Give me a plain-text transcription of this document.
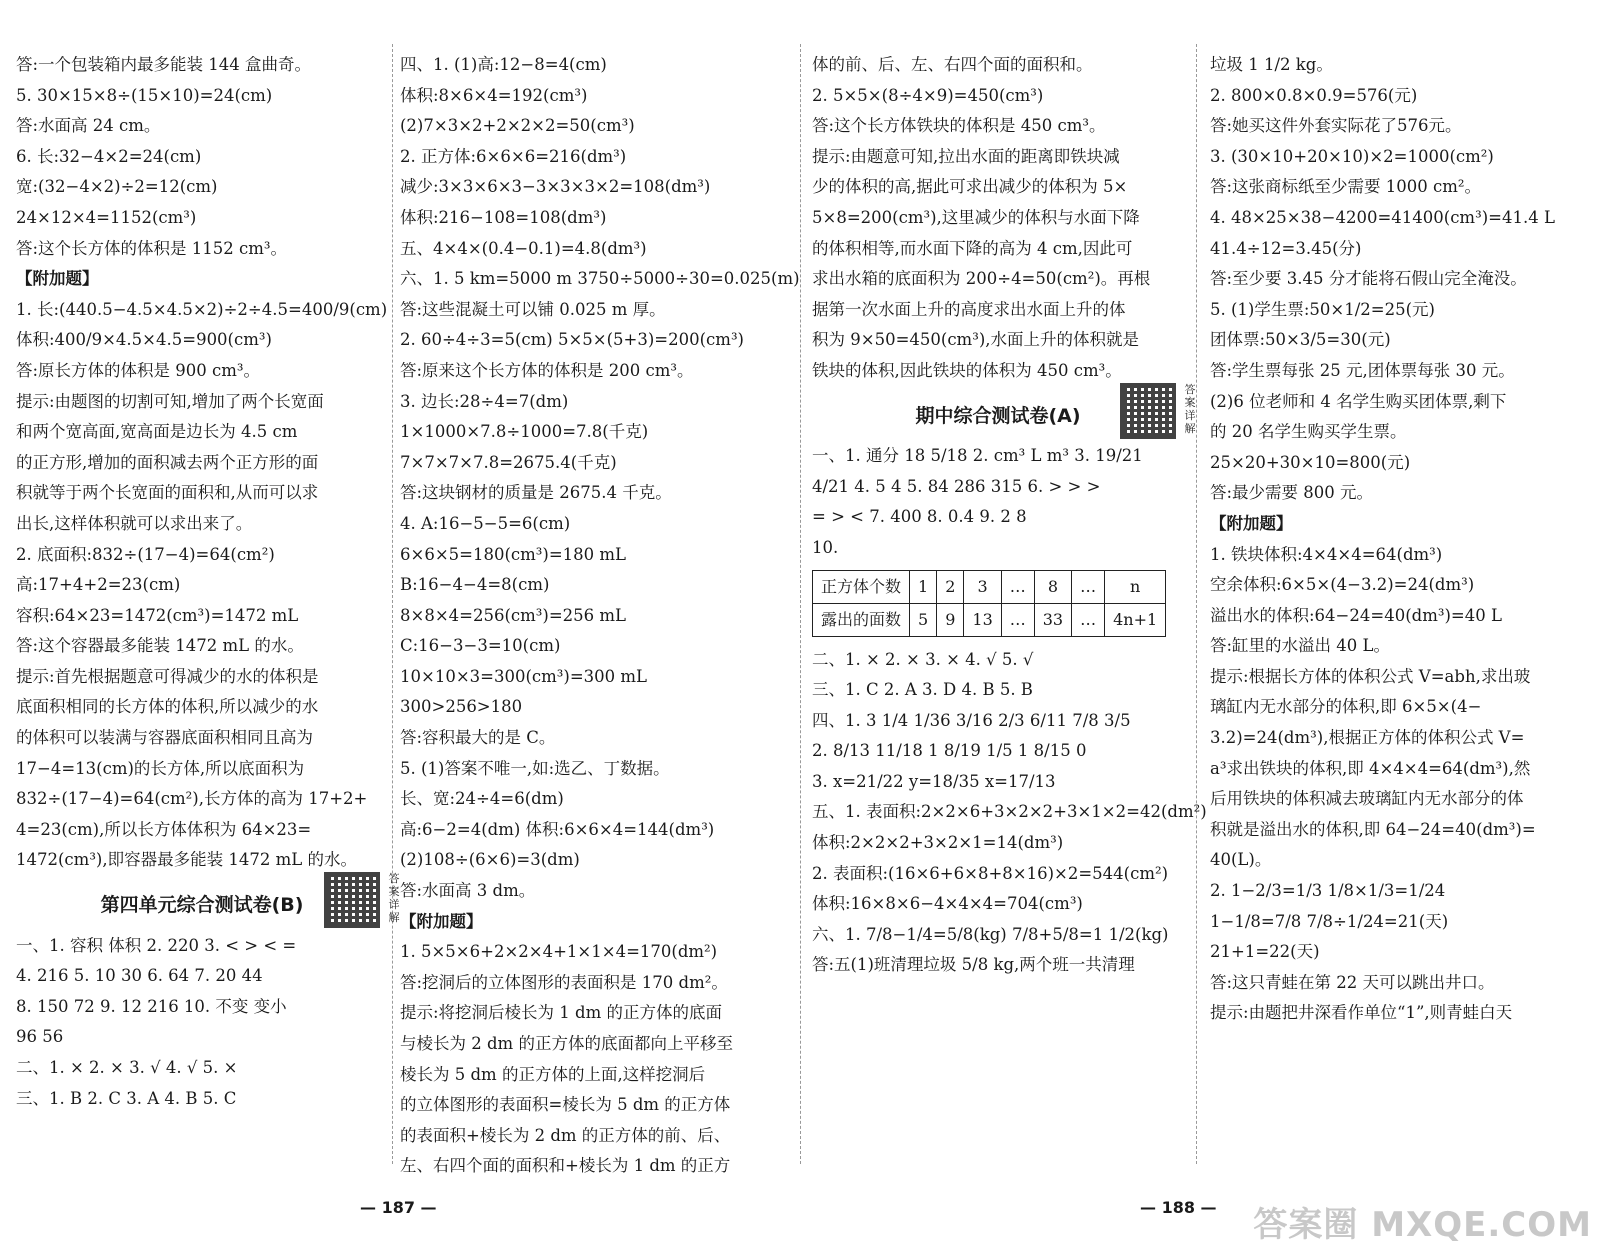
答:一个包装箱内最多能装 144 盒曲奇。
5. 30×15×8÷(15×10)=24(cm)
答:水面高 24 cm。
6. 长:32−4×2=24(cm)
宽:(32−4×2)÷2=12(cm)
24×12×4=1152(cm³)
答:这个长方体的体积是 1152 cm³。
【附加题】
1. 长:(440.5−4.5×4.5×2)÷2÷4.5=400/9(cm)
体积:400/9×4.5×4.5=900(cm³)
答:原长方体的体积是 900 cm³。
提示:由题图的切割可知,增加了两个长宽面
和两个宽高面,宽高面是边长为 4.5 cm
的正方形,增加的面积减去两个正方形的面
积就等于两个长宽面的面积和,从而可以求
出长,这样体积就可以求出来了。
2. 底面积:832÷(17−4)=64(cm²)
高:17+4+2=23(cm)
容积:64×23=1472(cm³)=1472 mL
答:这个容器最多能装 1472 mL 的水。
提示:首先根据题意可得减少的水的体积是
底面积相同的长方体的体积,所以减少的水
的体积可以装满与容器底面积相同且高为
17−4=13(cm)的长方体,所以底面积为
832÷(17−4)=64(cm²),长方体的高为 17+2+
4=23(cm),所以长方体体积为 64×23=
1472(cm³),即容器最多能装 1472 mL 的水。
第四单元综合测试卷(B)
答案详解
一、1. 容积 体积 2. 220 3. < > < =
4. 216 5. 10 30 6. 64 7. 20 44
8. 150 72 9. 12 216 10. 不变 变小
96 56
二、1. × 2. × 3. √ 4. √ 5. ×
三、1. B 2. C 3. A 4. B 5. C
四、1. (1)高:12−8=4(cm)
体积:8×6×4=192(cm³)
(2)7×3×2+2×2×2=50(cm³)
2. 正方体:6×6×6=216(dm³)
减少:3×3×6×3−3×3×3×2=108(dm³)
体积:216−108=108(dm³)
五、4×4×(0.4−0.1)=4.8(dm³)
六、1. 5 km=5000 m 3750÷5000÷30=0.025(m)
答:这些混凝土可以铺 0.025 m 厚。
2. 60÷4÷3=5(cm) 5×5×(5+3)=200(cm³)
答:原来这个长方体的体积是 200 cm³。
3. 边长:28÷4=7(dm)
1×1000×7.8÷1000=7.8(千克)
7×7×7×7.8=2675.4(千克)
答:这块钢材的质量是 2675.4 千克。
4. A:16−5−5=6(cm)
6×6×5=180(cm³)=180 mL
B:16−4−4=8(cm)
8×8×4=256(cm³)=256 mL
C:16−3−3=10(cm)
10×10×3=300(cm³)=300 mL
300>256>180
答:容积最大的是 C。
5. (1)答案不唯一,如:选乙、丁数据。
长、宽:24÷4=6(dm)
高:6−2=4(dm) 体积:6×6×4=144(dm³)
(2)108÷(6×6)=3(dm)
答:水面高 3 dm。
【附加题】
1. 5×5×6+2×2×4+1×1×4=170(dm²)
答:挖洞后的立体图形的表面积是 170 dm²。
提示:将挖洞后棱长为 1 dm 的正方体的底面
与棱长为 2 dm 的正方体的底面都向上平移至
棱长为 5 dm 的正方体的上面,这样挖洞后
的立体图形的表面积=棱长为 5 dm 的正方体
的表面积+棱长为 2 dm 的正方体的前、后、
左、右四个面的面积和+棱长为 1 dm 的正方
体的前、后、左、右四个面的面积和。
2. 5×5×(8÷4×9)=450(cm³)
答:这个长方体铁块的体积是 450 cm³。
提示:由题意可知,拉出水面的距离即铁块减
少的体积的高,据此可求出减少的体积为 5×
5×8=200(cm³),这里减少的体积与水面下降
的体积相等,而水面下降的高为 4 cm,因此可
求出水箱的底面积为 200÷4=50(cm²)。再根
据第一次水面上升的高度求出水面上升的体
积为 9×50=450(cm³),水面上升的体积就是
铁块的体积,因此铁块的体积为 450 cm³。
期中综合测试卷(A)
答案详解
一、1. 通分 18 5/18 2. cm³ L m³ 3. 19/21
4/21 4. 5 4 5. 84 286 315 6. > > >
= > < 7. 400 8. 0.4 9. 2 8
10.
正方体个数	1	2	3	…	8	…	n
露出的面数	5	9	13	…	33	…	4n+1
二、1. × 2. × 3. × 4. √ 5. √
三、1. C 2. A 3. D 4. B 5. B
四、1. 3 1/4 1/36 3/16 2/3 6/11 7/8 3/5
2. 8/13 11/18 1 8/19 1/5 1 8/15 0
3. x=21/22 y=18/35 x=17/13
五、1. 表面积:2×2×6+3×2×2+3×1×2=42(dm²)
体积:2×2×2+3×2×1=14(dm³)
2. 表面积:(16×6+6×8+8×16)×2=544(cm²)
体积:16×8×6−4×4×4=704(cm³)
六、1. 7/8−1/4=5/8(kg) 7/8+5/8=1 1/2(kg)
答:五(1)班清理垃圾 5/8 kg,两个班一共清理
垃圾 1 1/2 kg。
2. 800×0.8×0.9=576(元)
答:她买这件外套实际花了576元。
3. (30×10+20×10)×2=1000(cm²)
答:这张商标纸至少需要 1000 cm²。
4. 48×25×38−4200=41400(cm³)=41.4 L
41.4÷12=3.45(分)
答:至少要 3.45 分才能将石假山完全淹没。
5. (1)学生票:50×1/2=25(元)
团体票:50×3/5=30(元)
答:学生票每张 25 元,团体票每张 30 元。
(2)6 位老师和 4 名学生购买团体票,剩下
的 20 名学生购买学生票。
25×20+30×10=800(元)
答:最少需要 800 元。
【附加题】
1. 铁块体积:4×4×4=64(dm³)
空余体积:6×5×(4−3.2)=24(dm³)
溢出水的体积:64−24=40(dm³)=40 L
答:缸里的水溢出 40 L。
提示:根据长方体的体积公式 V=abh,求出玻
璃缸内无水部分的体积,即 6×5×(4−
3.2)=24(dm³),根据正方体的体积公式 V=
a³求出铁块的体积,即 4×4×4=64(dm³),然
后用铁块的体积减去玻璃缸内无水部分的体
积就是溢出水的体积,即 64−24=40(dm³)=
40(L)。
2. 1−2/3=1/3 1/8×1/3=1/24
1−1/8=7/8 7/8÷1/24=21(天)
21+1=22(天)
答:这只青蛙在第 22 天可以跳出井口。
提示:由题把井深看作单位“1”,则青蛙白天
— 187 —	— 188 — 答案圈 MXQE.COM
